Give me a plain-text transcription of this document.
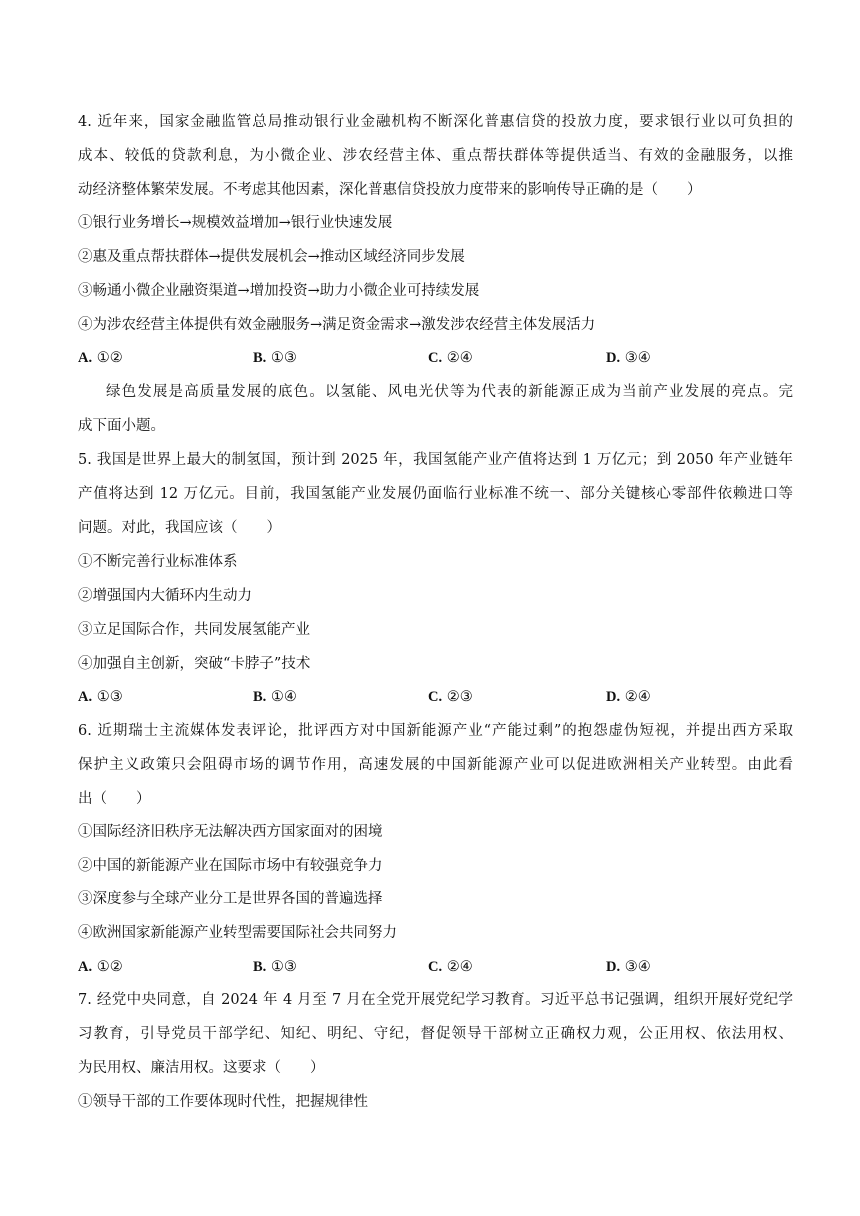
4. 近年来，国家金融监管总局推动银行业金融机构不断深化普惠信贷的投放力度，要求银行业以可负担的
成本、较低的贷款利息，为小微企业、涉农经营主体、重点帮扶群体等提供适当、有效的金融服务，以推
动经济整体繁荣发展。不考虑其他因素，深化普惠信贷投放力度带来的影响传导正确的是（　　）
①银行业务增长→规模效益增加→银行业快速发展
②惠及重点帮扶群体→提供发展机会→推动区域经济同步发展
③畅通小微企业融资渠道→增加投资→助力小微企业可持续发展
④为涉农经营主体提供有效金融服务→满足资金需求→激发涉农经营主体发展活力
A. ①②	B. ①③	C. ②④	D. ③④
绿色发展是高质量发展的底色。以氢能、风电光伏等为代表的新能源正成为当前产业发展的亮点。完
成下面小题。
5. 我国是世界上最大的制氢国，预计到 2025 年，我国氢能产业产值将达到 1 万亿元；到 2050 年产业链年
产值将达到 12 万亿元。目前，我国氢能产业发展仍面临行业标准不统一、部分关键核心零部件依赖进口等
问题。对此，我国应该（　　）
①不断完善行业标准体系
②增强国内大循环内生动力
③立足国际合作，共同发展氢能产业
④加强自主创新，突破“卡脖子”技术
A. ①③	B. ①④	C. ②③	D. ②④
6. 近期瑞士主流媒体发表评论，批评西方对中国新能源产业“产能过剩”的抱怨虚伪短视，并提出西方采取
保护主义政策只会阻碍市场的调节作用，高速发展的中国新能源产业可以促进欧洲相关产业转型。由此看
出（　　）
①国际经济旧秩序无法解决西方国家面对的困境
②中国的新能源产业在国际市场中有较强竞争力
③深度参与全球产业分工是世界各国的普遍选择
④欧洲国家新能源产业转型需要国际社会共同努力
A. ①②	B. ①③	C. ②④	D. ③④
7. 经党中央同意，自 2024 年 4 月至 7 月在全党开展党纪学习教育。习近平总书记强调，组织开展好党纪学
习教育，引导党员干部学纪、知纪、明纪、守纪，督促领导干部树立正确权力观，公正用权、依法用权、
为民用权、廉洁用权。这要求（　　）
①领导干部的工作要体现时代性，把握规律性
